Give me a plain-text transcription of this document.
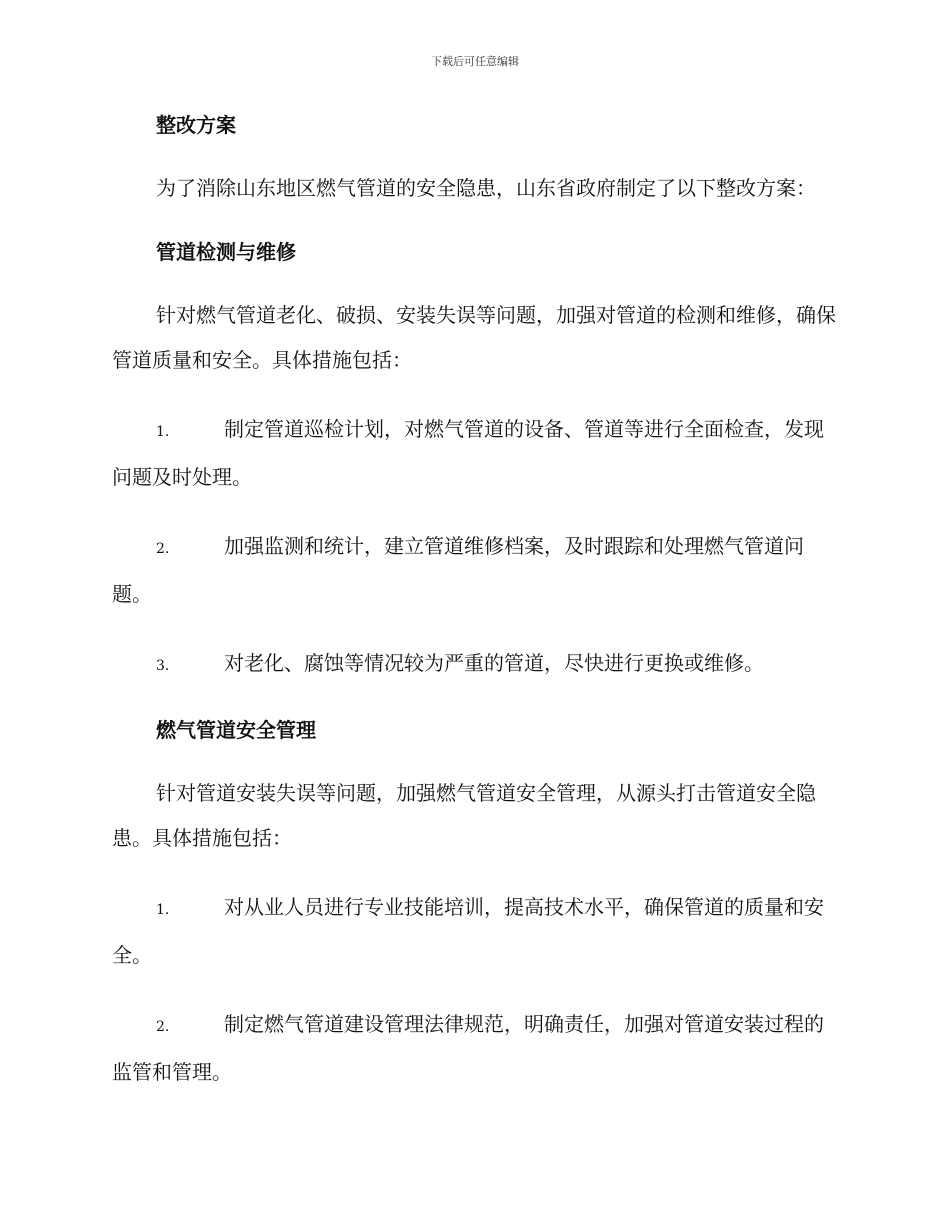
下载后可任意编辑
整改方案

为了消除山东地区燃气管道的安全隐患，山东省政府制定了以下整改方案：

管道检测与维修

针对燃气管道老化、破损、安装失误等问题，加强对管道的检测和维修，确保管道质量和安全。具体措施包括：

1.	制定管道巡检计划，对燃气管道的设备、管道等进行全面检查，发现问题及时处理。

2.	加强监测和统计，建立管道维修档案，及时跟踪和处理燃气管道问题。

3.	对老化、腐蚀等情况较为严重的管道，尽快进行更换或维修。

燃气管道安全管理

针对管道安装失误等问题，加强燃气管道安全管理，从源头打击管道安全隐患。具体措施包括：

1.	对从业人员进行专业技能培训，提高技术水平，确保管道的质量和安全。

2.	制定燃气管道建设管理法律规范，明确责任，加强对管道安装过程的监管和管理。
